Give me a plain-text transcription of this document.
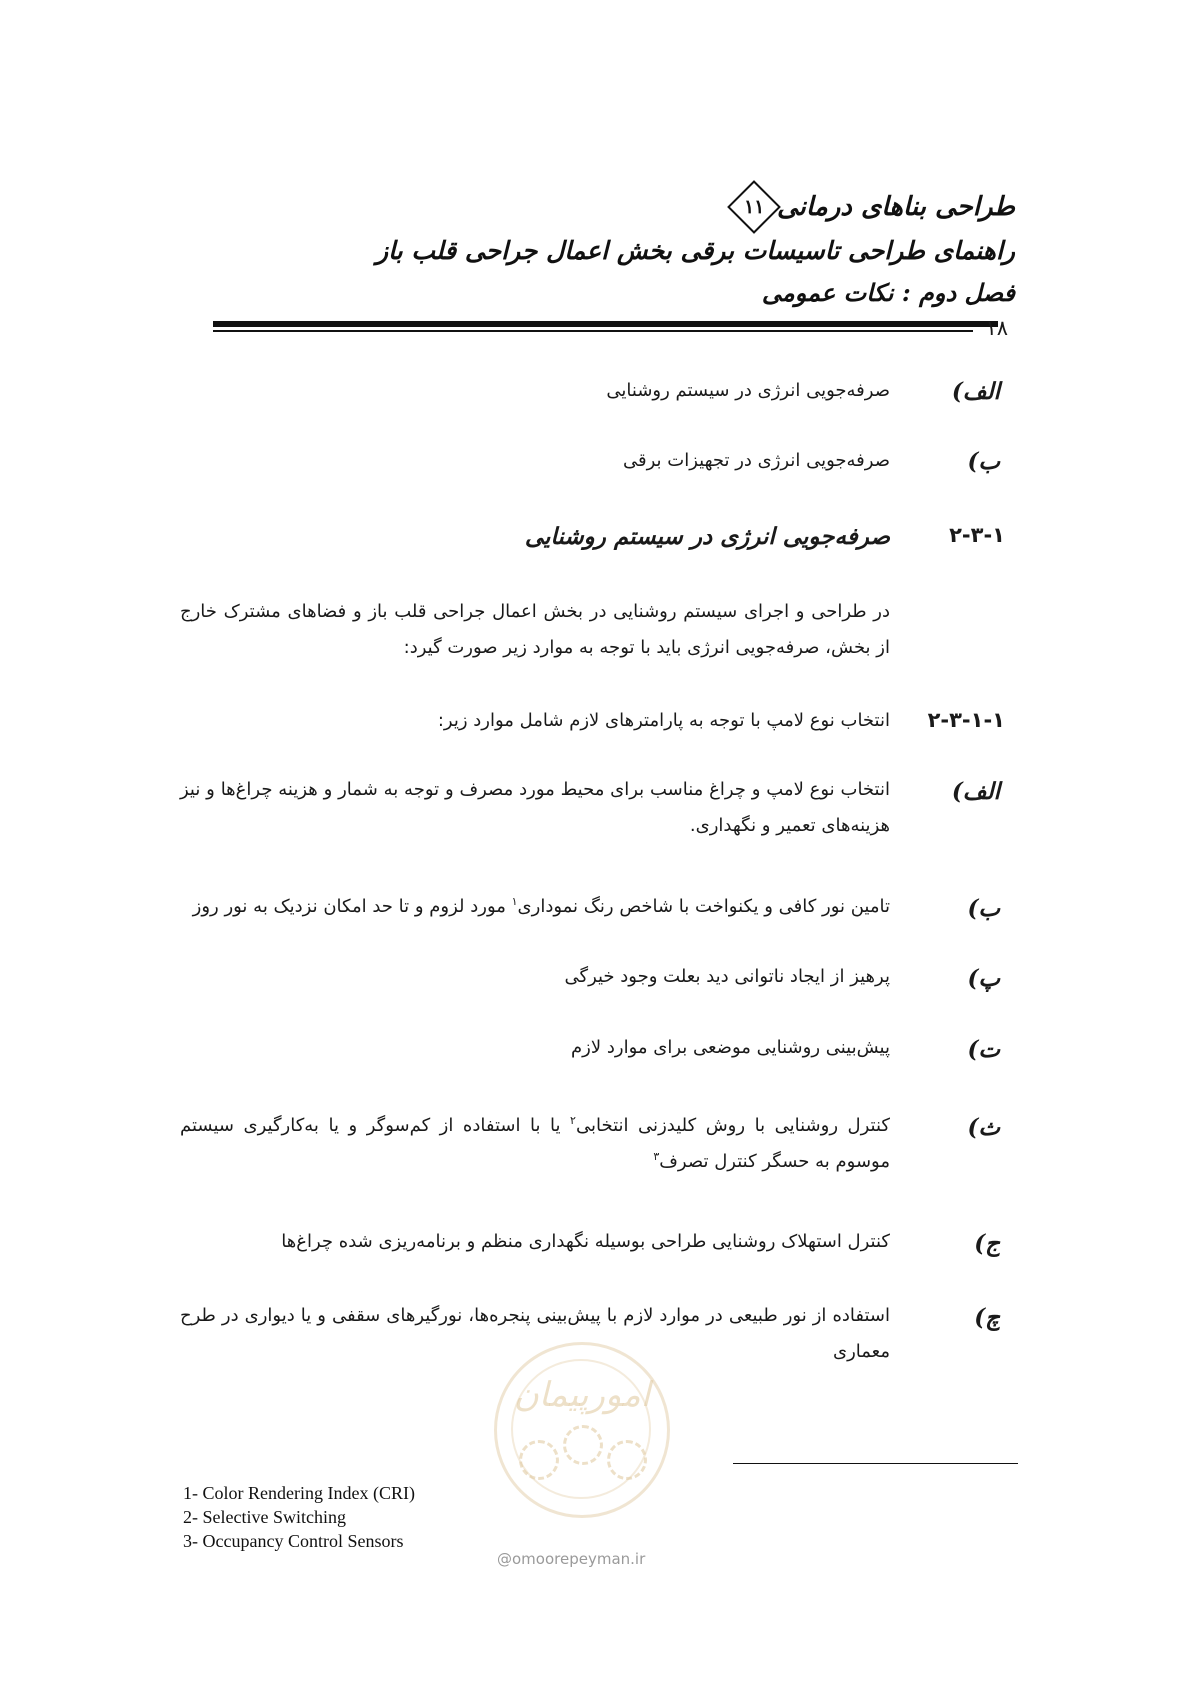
طراحی بناهای درمانی
۱۱
راهنمای طراحی تاسیسات برقی بخش اعمال جراحی قلب باز
فصل دوم : نکات عمومی
۱۸
الف)
صرفه‌جویی انرژی در سیستم روشنایی
ب)
صرفه‌جویی انرژی در تجهیزات برقی
۲-۳-۱
صرفه‌جویی انرژی در سیستم روشنایی
در طراحی و اجرای سیستم روشنایی در بخش اعمال جراحی قلب باز و فضاهای مشترک خارج از بخش، صرفه‌جویی انرژی باید با توجه به موارد زیر صورت گیرد:
۲-۳-۱-۱
انتخاب نوع لامپ با توجه به پارامترهای لازم شامل موارد زیر:
الف)
انتخاب نوع لامپ و چراغ مناسب برای محیط مورد مصرف و توجه به شمار و هزینه چراغ‌ها و نیز هزینه‌های تعمیر و نگهداری.
ب)
تامین نور کافی و یکنواخت با شاخص رنگ نموداری$^۱$ مورد لزوم و تا حد امکان نزدیک به نور روز
پ)
پرهیز از ایجاد ناتوانی دید بعلت وجود خیرگی
ت)
پیش‌بینی روشنایی موضعی برای موارد لازم
ث)
کنترل روشنایی با روش کلیدزنی انتخابی$^۲$ یا با استفاده از کم‌سوگر و یا به‌کارگیری سیستم موسوم به حسگر کنترل تصرف$^۳$
ج)
کنترل استهلاک روشنایی طراحی بوسیله نگهداری منظم و برنامه‌ریزی شده چراغ‌ها
چ)
استفاده از نور طبیعی در موارد لازم با پیش‌بینی پنجره‌ها، نورگیرهای سقفی و یا دیواری در طرح معماری
امورپیمان
@omoorepeyman.ir
1- Color Rendering Index (CRI)
2- Selective Switching
3- Occupancy Control Sensors
